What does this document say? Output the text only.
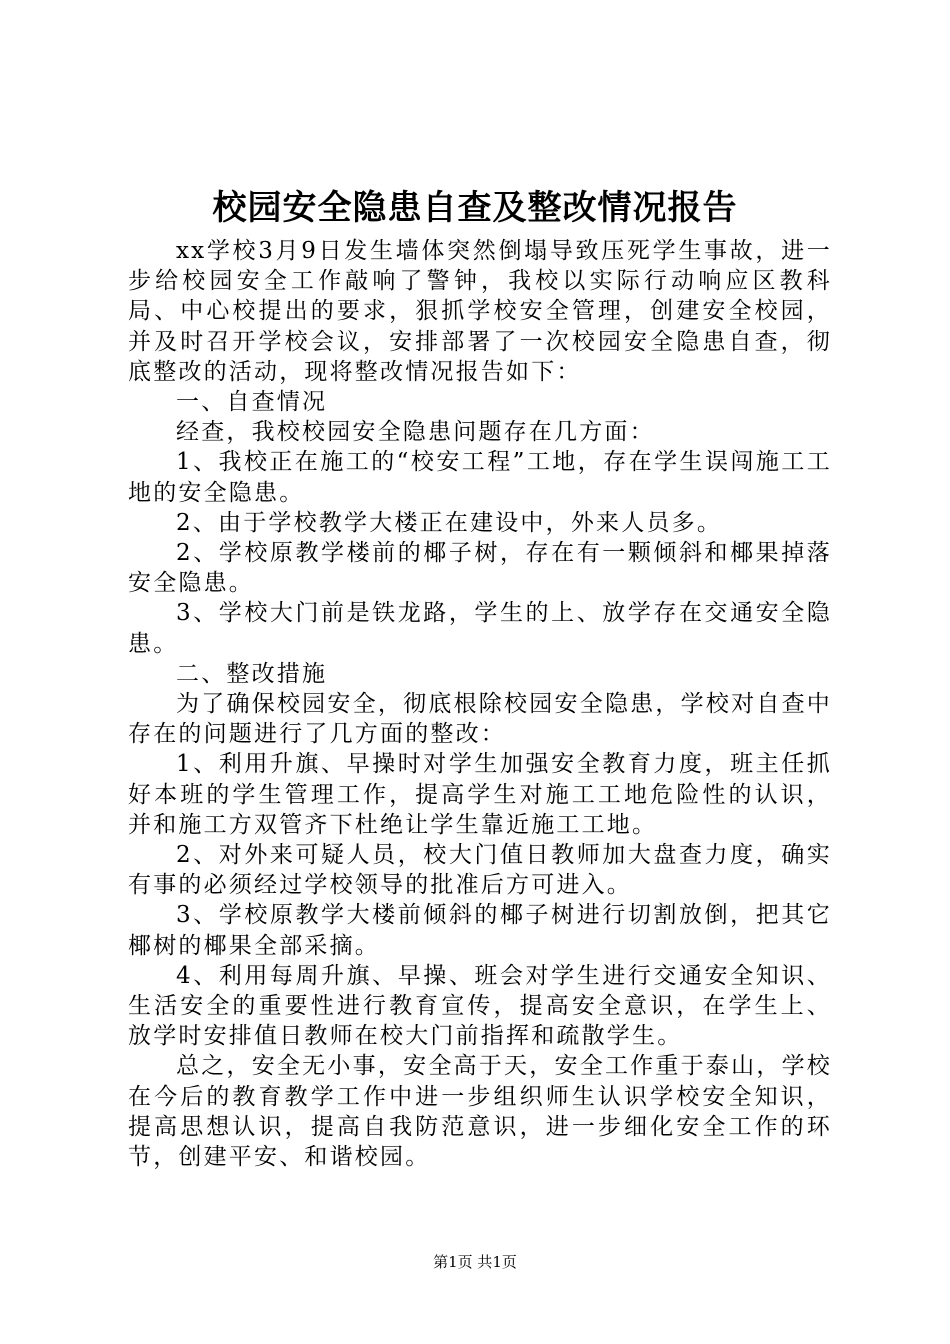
校园安全隐患自查及整改情况报告

xx学校3月9日发生墙体突然倒塌导致压死学生事故，进一步给校园安全工作敲响了警钟，我校以实际行动响应区教科局、中心校提出的要求，狠抓学校安全管理，创建安全校园，并及时召开学校会议，安排部署了一次校园安全隐患自查，彻底整改的活动，现将整改情况报告如下：

一、自查情况

经查，我校校园安全隐患问题存在几方面：

1、我校正在施工的“校安工程”工地，存在学生误闯施工工地的安全隐患。

2、由于学校教学大楼正在建设中，外来人员多。

2、学校原教学楼前的椰子树，存在有一颗倾斜和椰果掉落安全隐患。

3、学校大门前是铁龙路，学生的上、放学存在交通安全隐患。

二、整改措施

为了确保校园安全，彻底根除校园安全隐患，学校对自查中存在的问题进行了几方面的整改：

1、利用升旗、早操时对学生加强安全教育力度，班主任抓好本班的学生管理工作，提高学生对施工工地危险性的认识，并和施工方双管齐下杜绝让学生靠近施工工地。

2、对外来可疑人员，校大门值日教师加大盘查力度，确实有事的必须经过学校领导的批准后方可进入。

3、学校原教学大楼前倾斜的椰子树进行切割放倒，把其它椰树的椰果全部采摘。

4、利用每周升旗、早操、班会对学生进行交通安全知识、生活安全的重要性进行教育宣传，提高安全意识，在学生上、放学时安排值日教师在校大门前指挥和疏散学生。

总之，安全无小事，安全高于天，安全工作重于泰山，学校在今后的教育教学工作中进一步组织师生认识学校安全知识，提高思想认识，提高自我防范意识，进一步细化安全工作的环节，创建平安、和谐校园。

第1页 共1页
